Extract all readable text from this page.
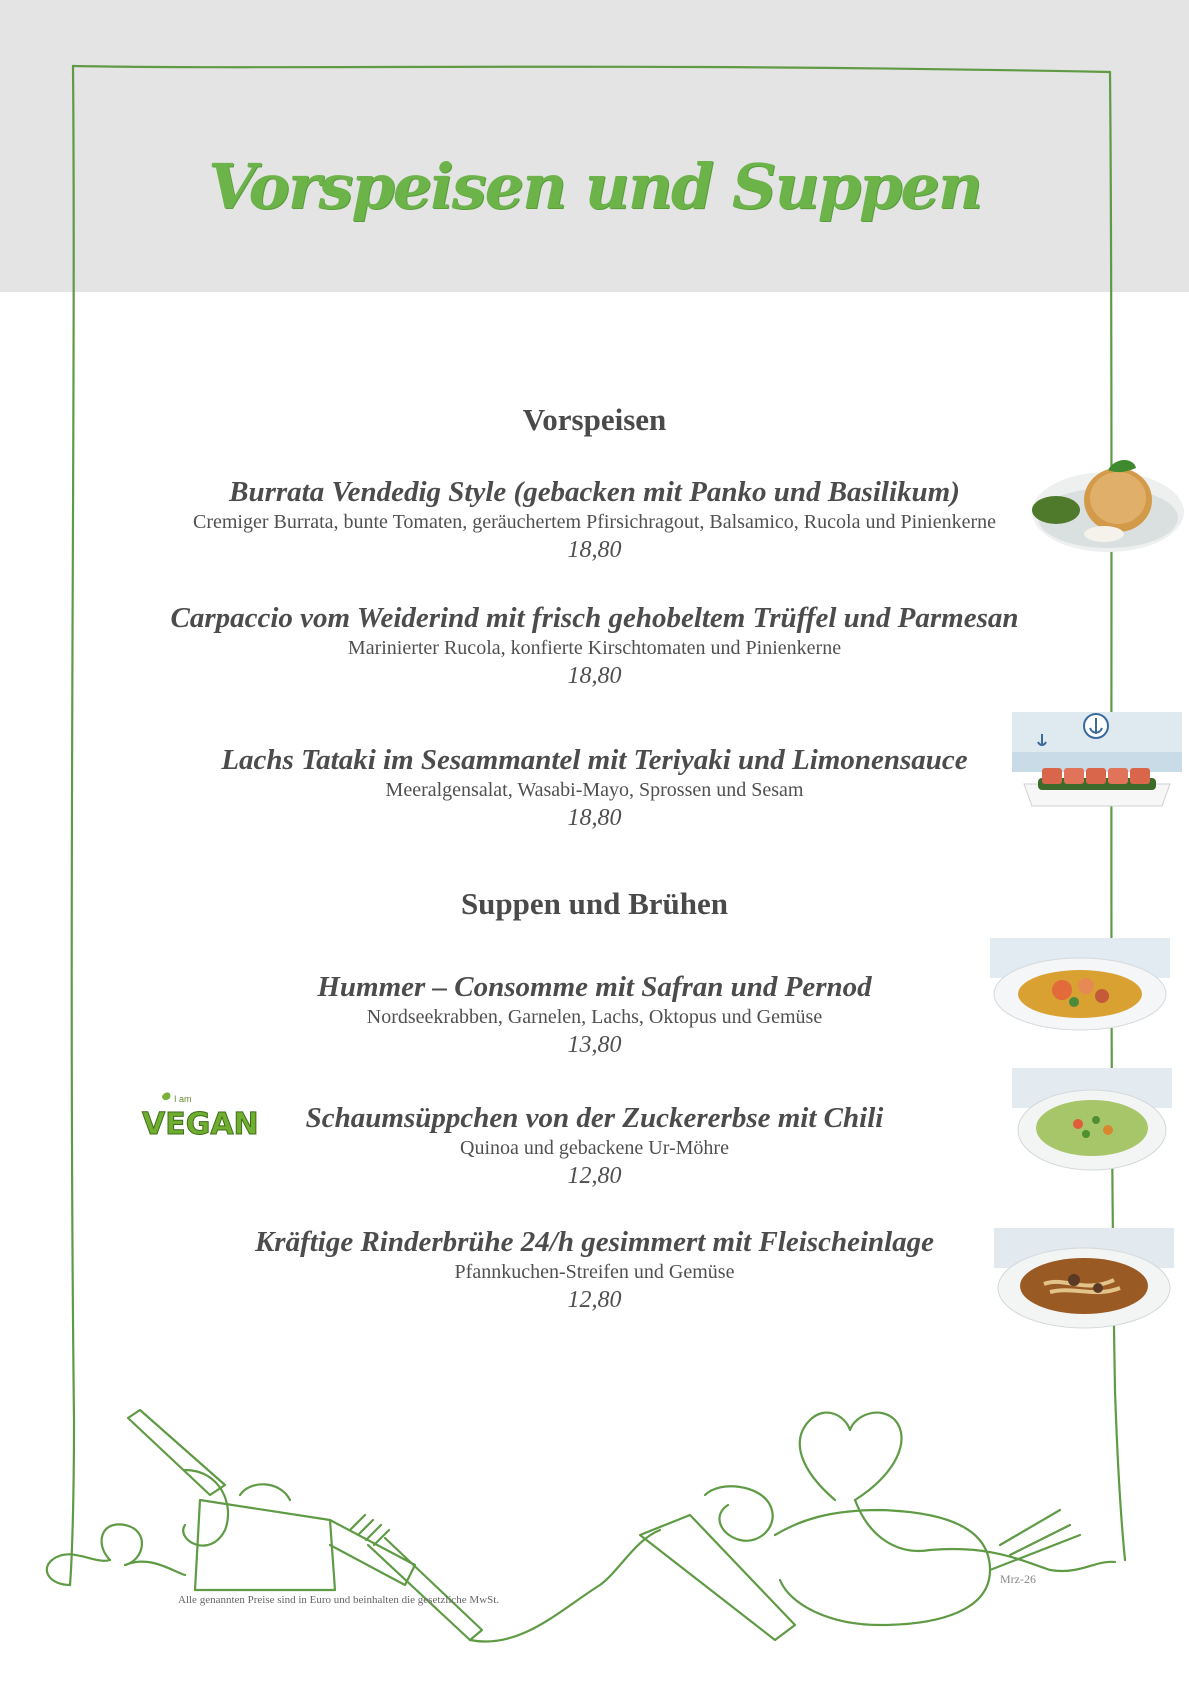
Vorspeisen und Suppen
Vorspeisen
Burrata Vendedig Style (gebacken mit Panko und Basilikum)
Cremiger Burrata, bunte Tomaten, geräuchertem Pfirsichragout, Balsamico, Rucola und Pinienkerne
18,80
Carpaccio vom Weiderind mit frisch gehobeltem Trüffel und Parmesan
Marinierter Rucola, konfierte Kirschtomaten und Pinienkerne
18,80
Lachs Tataki im Sesammantel mit Teriyaki und Limonensauce
Meeralgensalat, Wasabi-Mayo, Sprossen und Sesam
18,80
Suppen und Brühen
Hummer – Consomme mit Safran und Pernod
Nordseekrabben, Garnelen, Lachs, Oktopus und Gemüse
13,80
Schaumsüppchen von der Zuckererbse mit Chili
Quinoa und gebackene Ur-Möhre
12,80
Kräftige Rinderbrühe 24/h gesimmert mit Fleischeinlage
Pfannkuchen-Streifen und Gemüse
12,80
I am
VEGAN
Alle genannten Preise sind in Euro und beinhalten die gesetzliche MwSt.
Mrz-26
